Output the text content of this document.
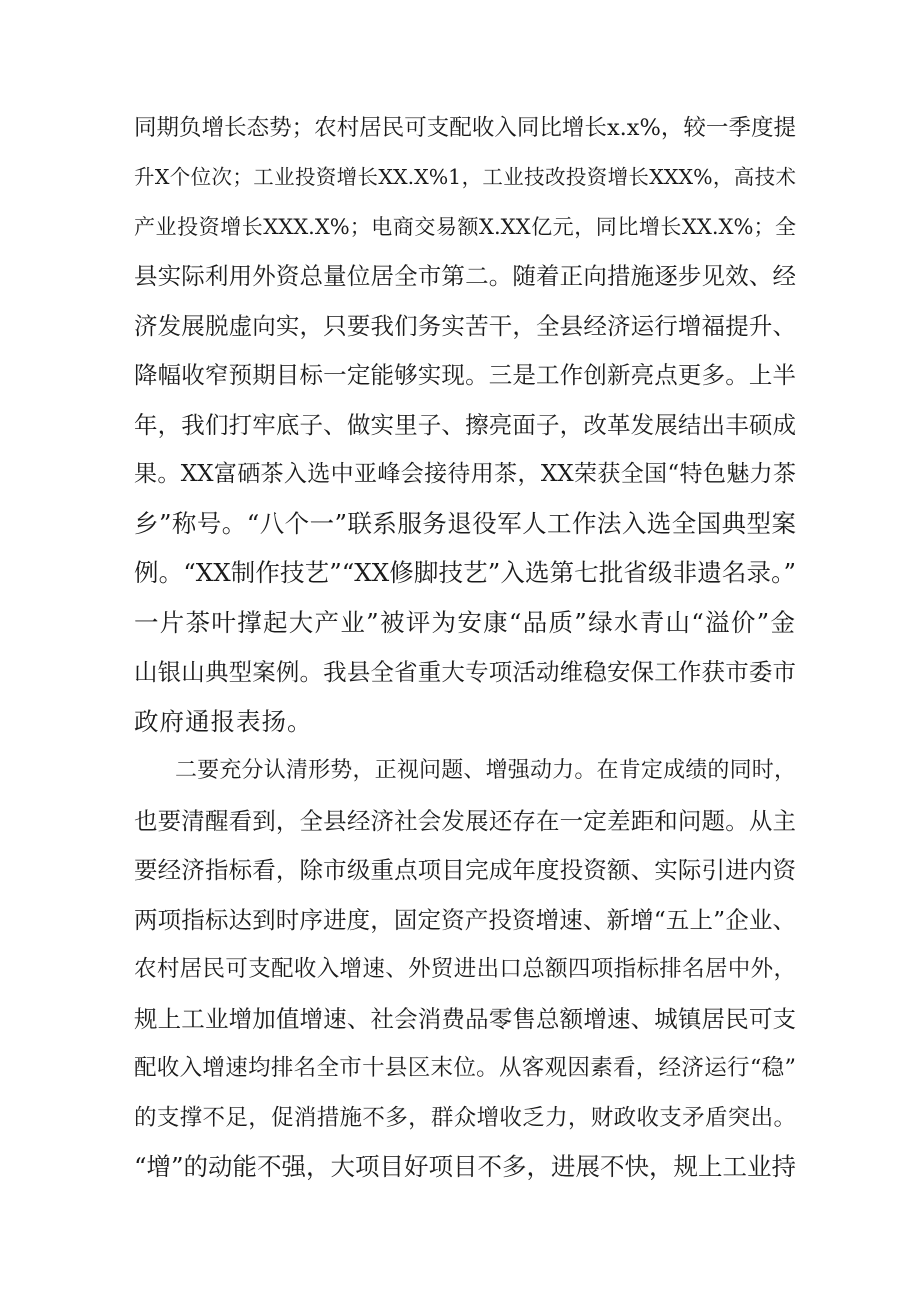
同期负增长态势；农村居民可支配收入同比增长x.x%，较一季度提
升X个位次；工业投资增长XX.X%1，工业技改投资增长XXX%，高技术
产业投资增长XXX.X%；电商交易额X.XX亿元，同比增长XX.X%；全
县实际利用外资总量位居全市第二。随着正向措施逐步见效、经
济发展脱虚向实，只要我们务实苦干，全县经济运行增福提升、
降幅收窄预期目标一定能够实现。三是工作创新亮点更多。上半
年，我们打牢底子、做实里子、擦亮面子，改革发展结出丰硕成
果。XX富硒茶入选中亚峰会接待用茶，XX荣获全国“特色魅力茶
乡”称号。“八个一”联系服务退役军人工作法入选全国典型案
例。“XX制作技艺”“XX修脚技艺”入选第七批省级非遗名录。”
一片茶叶撑起大产业”被评为安康“品质”绿水青山“溢价”金
山银山典型案例。我县全省重大专项活动维稳安保工作获市委市
政府通报表扬。
二要充分认清形势，正视问题、增强动力。在肯定成绩的同时，
也要清醒看到，全县经济社会发展还存在一定差距和问题。从主
要经济指标看，除市级重点项目完成年度投资额、实际引进内资
两项指标达到时序进度，固定资产投资增速、新增“五上”企业、
农村居民可支配收入增速、外贸进出口总额四项指标排名居中外，
规上工业增加值增速、社会消费品零售总额增速、城镇居民可支
配收入增速均排名全市十县区末位。从客观因素看，经济运行“稳”
的支撑不足，促消措施不多，群众增收乏力，财政收支矛盾突出。
“增”的动能不强，大项目好项目不多，进展不快，规上工业持
